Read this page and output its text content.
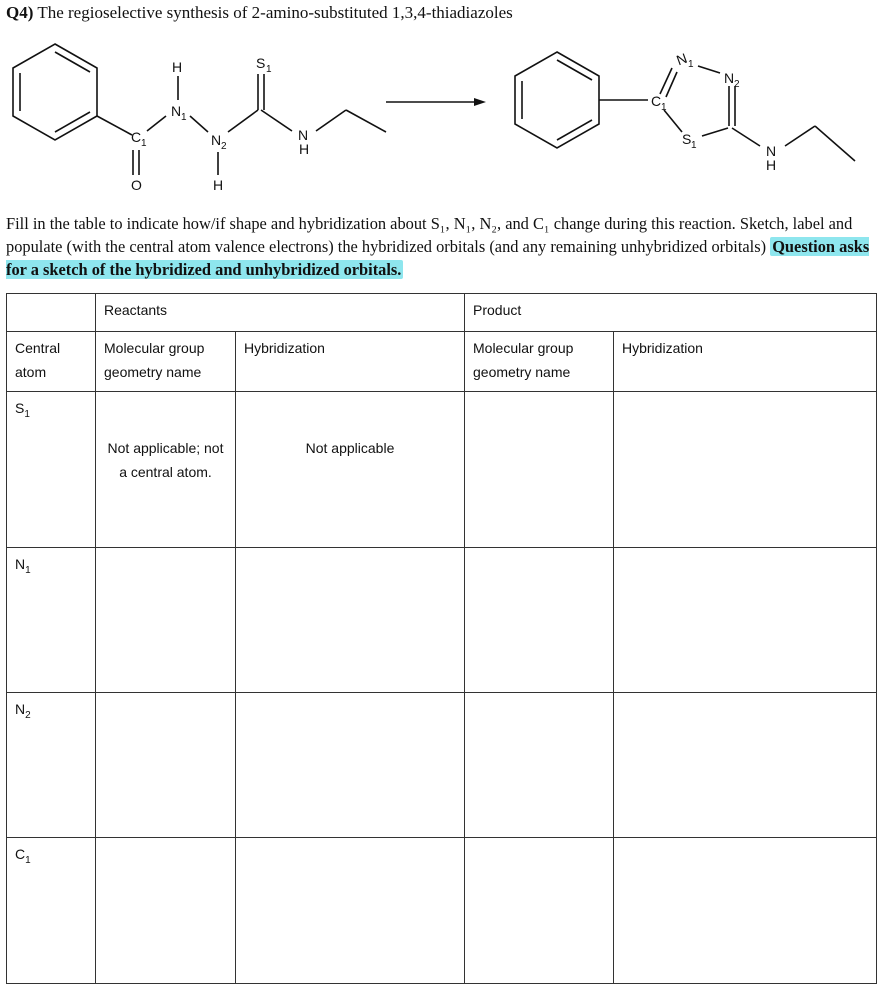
Q4) The regioselective synthesis of 2-amino-substituted 1,3,4-thiadiazoles
H
N 1
C 1
O
N 2
H
S 1
N
H
N
1
N 2
C 1
S 1	N
H
Fill in the table to indicate how/if shape and hybridization about S₁, N₁, N₂, and C₁ change during this reaction. Sketch, label and populate (with the central atom valence electrons) the hybridized orbitals (and any remaining unhybridized orbitals) Question asks for a sketch of the hybridized and unhybridized orbitals.
	Reactants		Product	
Central atom	Molecular group geometry name	Hybridization	Molecular group geometry name	Hybridization
$S_1$	Not applicable; not a central atom.	Not applicable		
$N_1$				
$N_2$				
$C_1$				
